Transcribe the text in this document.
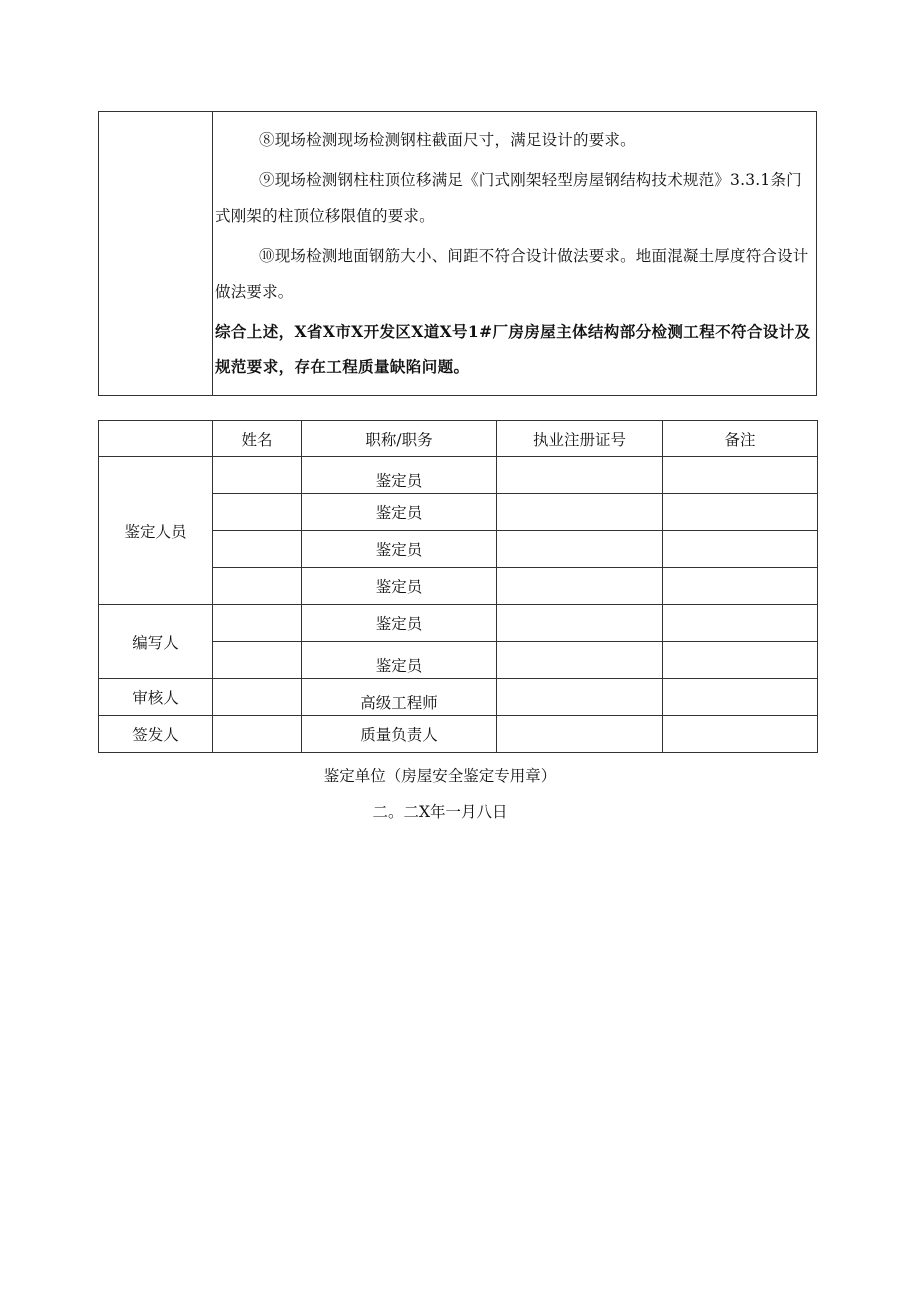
⑧现场检测现场检测钢柱截面尺寸，满足设计的要求。

⑨现场检测钢柱柱顶位移满足《门式刚架轻型房屋钢结构技术规范》3.3.1条门式刚架的柱顶位移限值的要求。

⑩现场检测地面钢筋大小、间距不符合设计做法要求。地面混凝土厚度符合设计做法要求。

综合上述，X省X市X开发区X道X号1#厂房房屋主体结构部分检测工程不符合设计及规范要求，存在工程质量缺陷问题。

	姓名	职称/职务	执业注册证号	备注
鉴定人员		鉴定员		
		鉴定员		
		鉴定员		
		鉴定员		
编写人		鉴定员		
		鉴定员		
审核人		高级工程师		
签发人		质量负责人		
鉴定单位（房屋安全鉴定专用章）
二。二X年一月八日
